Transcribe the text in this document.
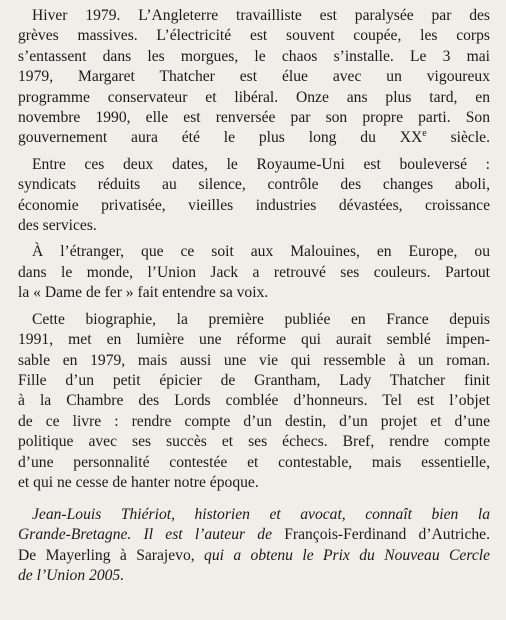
Hiver 1979. L’Angleterre travailliste est paralysée par des
grèves massives. L’électricité est souvent coupée, les corps
s’entassent dans les morgues, le chaos s’installe. Le 3 mai
1979, Margaret Thatcher est élue avec un vigoureux
programme conservateur et libéral. Onze ans plus tard, en
novembre 1990, elle est renversée par son propre parti. Son
gouvernement aura été le plus long du XXe siècle.
Entre ces deux dates, le Royaume-Uni est bouleversé :
syndicats réduits au silence, contrôle des changes aboli,
économie privatisée, vieilles industries dévastées, croissance
des services.
À l’étranger, que ce soit aux Malouines, en Europe, ou
dans le monde, l’Union Jack a retrouvé ses couleurs. Partout
la « Dame de fer » fait entendre sa voix.
Cette biographie, la première publiée en France depuis
1991, met en lumière une réforme qui aurait semblé impen-
sable en 1979, mais aussi une vie qui ressemble à un roman.
Fille d’un petit épicier de Grantham, Lady Thatcher finit
à la Chambre des Lords comblée d’honneurs. Tel est l’objet
de ce livre : rendre compte d’un destin, d’un projet et d’une
politique avec ses succès et ses échecs. Bref, rendre compte
d’une personnalité contestée et contestable, mais essentielle,
et qui ne cesse de hanter notre époque.
Jean-Louis Thiériot, historien et avocat, connaît bien la
Grande-Bretagne. Il est l’auteur de François-Ferdinand d’Autriche.
De Mayerling à Sarajevo, qui a obtenu le Prix du Nouveau Cercle
de l’Union 2005.
